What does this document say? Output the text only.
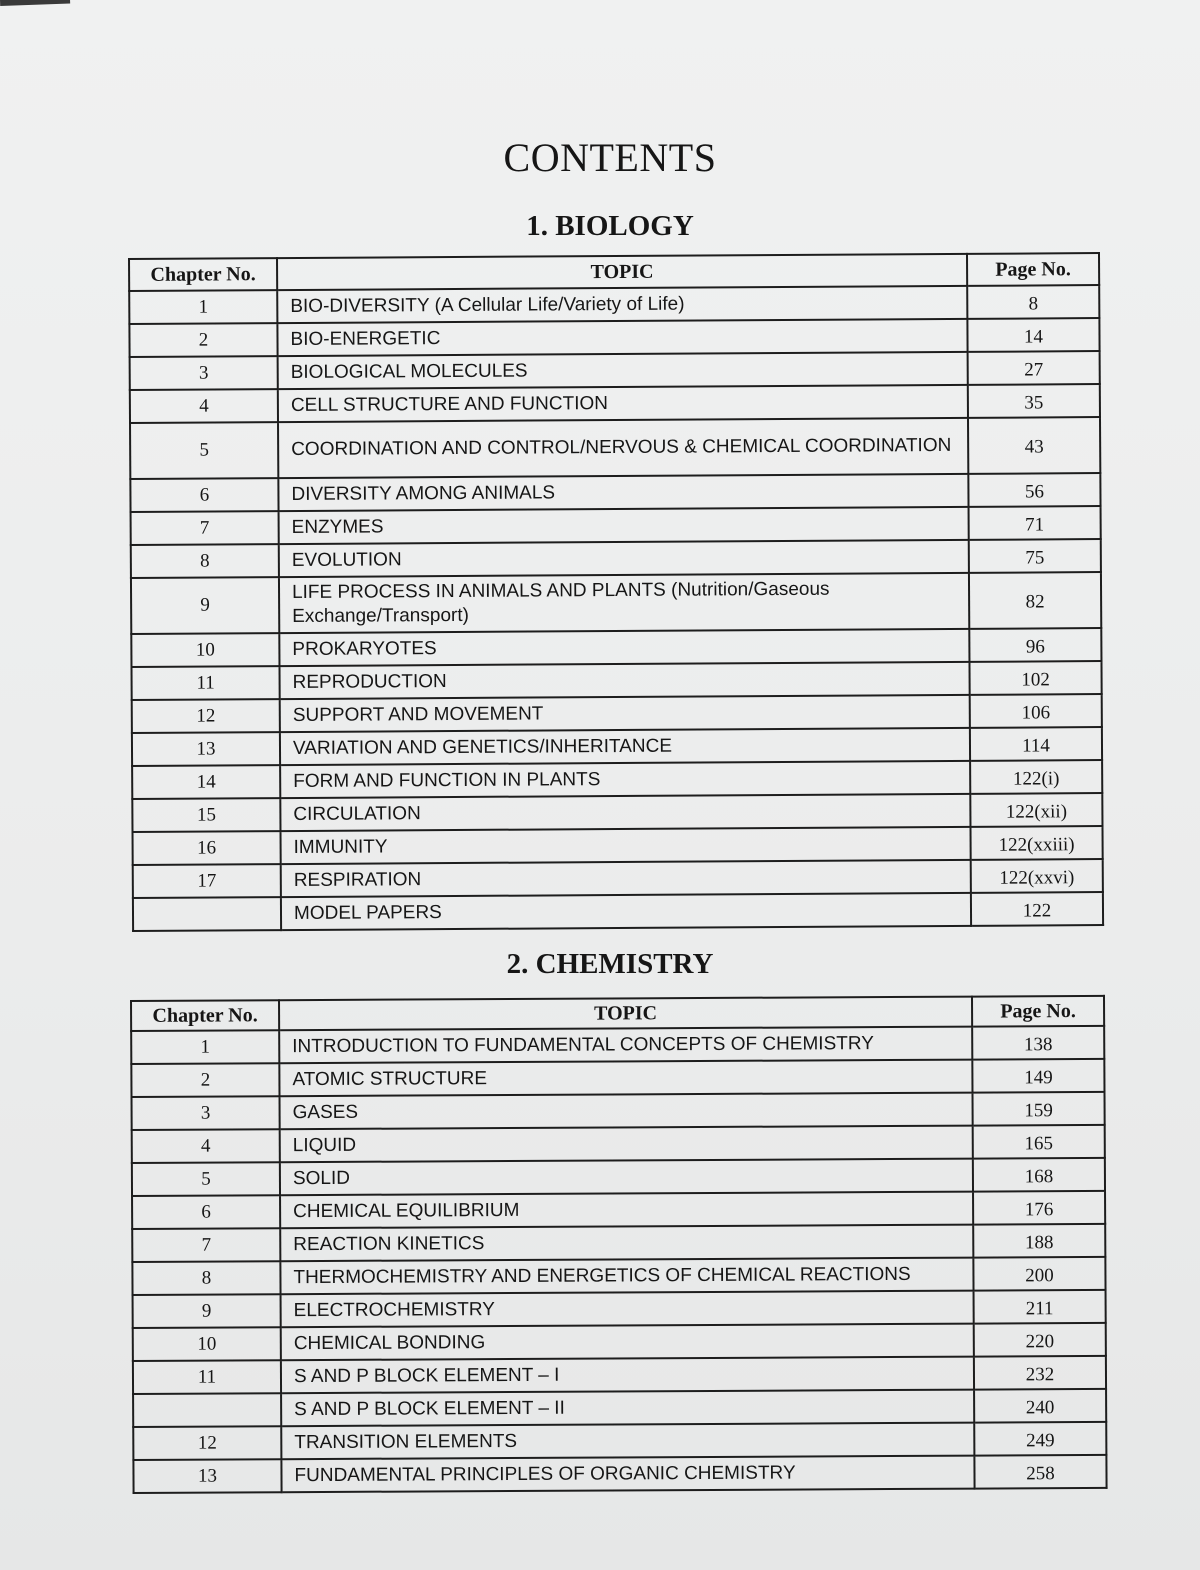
CONTENTS
1. BIOLOGY
Chapter No.	TOPIC	Page No.
1	BIO-DIVERSITY (A Cellular Life/Variety of Life)	8
2	BIO-ENERGETIC	14
3	BIOLOGICAL MOLECULES	27
4	CELL STRUCTURE AND FUNCTION	35
5	COORDINATION AND CONTROL/NERVOUS & CHEMICAL COORDINATION	43
6	DIVERSITY AMONG ANIMALS	56
7	ENZYMES	71
8	EVOLUTION	75
9	LIFE PROCESS IN ANIMALS AND PLANTS (Nutrition/Gaseous Exchange/Transport)	82
10	PROKARYOTES	96
11	REPRODUCTION	102
12	SUPPORT AND MOVEMENT	106
13	VARIATION AND GENETICS/INHERITANCE	114
14	FORM AND FUNCTION IN PLANTS	122(i)
15	CIRCULATION	122(xii)
16	IMMUNITY	122(xxiii)
17	RESPIRATION	122(xxvi)
	MODEL PAPERS	122
2. CHEMISTRY
Chapter No.	TOPIC	Page No.
1	INTRODUCTION TO FUNDAMENTAL CONCEPTS OF CHEMISTRY	138
2	ATOMIC STRUCTURE	149
3	GASES	159
4	LIQUID	165
5	SOLID	168
6	CHEMICAL EQUILIBRIUM	176
7	REACTION KINETICS	188
8	THERMOCHEMISTRY AND ENERGETICS OF CHEMICAL REACTIONS	200
9	ELECTROCHEMISTRY	211
10	CHEMICAL BONDING	220
11	S AND P BLOCK ELEMENT – I	232
	S AND P BLOCK ELEMENT – II	240
12	TRANSITION ELEMENTS	249
13	FUNDAMENTAL PRINCIPLES OF ORGANIC CHEMISTRY	258
